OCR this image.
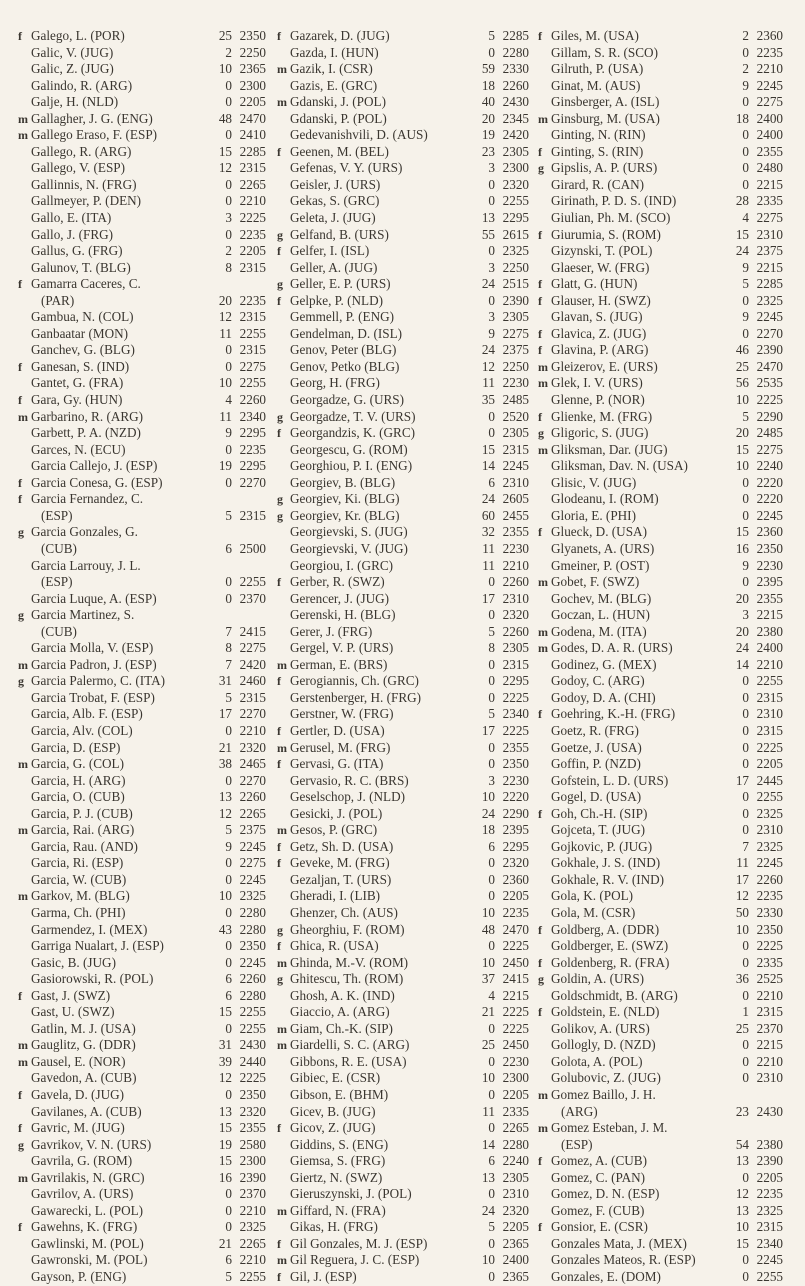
f Galego, L. (POR)	25 2350
Galic, V. (JUG)	2 2250
Galic, Z. (JUG)	10 2365
Galindo, R. (ARG)	0 2300
Galje, H. (NLD)	0 2205
m Gallagher, J. G. (ENG)	48 2470
m Gallego Eraso, F. (ESP)	0 2410
Gallego, R. (ARG)	15 2285
Gallego, V. (ESP)	12 2315
Gallinnis, N. (FRG)	0 2265
Gallmeyer, P. (DEN)	0 2210
Gallo, E. (ITA)	3 2225
Gallo, J. (FRG)	0 2235
Gallus, G. (FRG)	2 2205
Galunov, T. (BLG)	8 2315
f Gamarra Caceres, C.
(PAR)	20 2235
Gambua, N. (COL)	12 2315
Ganbaatar (MON)	11 2255
Ganchev, G. (BLG)	0 2315
f Ganesan, S. (IND)	0 2275
Gantet, G. (FRA)	10 2255
f Gara, Gy. (HUN)	4 2260
m Garbarino, R. (ARG)	11 2340
Garbett, P. A. (NZD)	9 2295
Garces, N. (ECU)	0 2235
Garcia Callejo, J. (ESP)	19 2295
f Garcia Conesa, G. (ESP)	0 2270
f Garcia Fernandez, C.
(ESP)	5 2315
g Garcia Gonzales, G.
(CUB)	6 2500
Garcia Larrouy, J. L.
(ESP)	0 2255
Garcia Luque, A. (ESP)	0 2370
g Garcia Martinez, S.
(CUB)	7 2415
Garcia Molla, V. (ESP)	8 2275
m Garcia Padron, J. (ESP)	7 2420
g Garcia Palermo, C. (ITA)	31 2460
Garcia Trobat, F. (ESP)	5 2315
Garcia, Alb. F. (ESP)	17 2270
Garcia, Alv. (COL)	0 2210
Garcia, D. (ESP)	21 2320
m Garcia, G. (COL)	38 2465
Garcia, H. (ARG)	0 2270
Garcia, O. (CUB)	13 2260
Garcia, P. J. (CUB)	12 2265
m Garcia, Rai. (ARG)	5 2375
Garcia, Rau. (AND)	9 2245
Garcia, Ri. (ESP)	0 2275
Garcia, W. (CUB)	0 2245
m Garkov, M. (BLG)	10 2325
Garma, Ch. (PHI)	0 2280
Garmendez, I. (MEX)	43 2280
Garriga Nualart, J. (ESP)	0 2350
Gasic, B. (JUG)	0 2245
Gasiorowski, R. (POL)	6 2260
f Gast, J. (SWZ)	6 2280
Gast, U. (SWZ)	15 2255
Gatlin, M. J. (USA)	0 2255
m Gauglitz, G. (DDR)	31 2430
m Gausel, E. (NOR)	39 2440
Gavedon, A. (CUB)	12 2225
f Gavela, D. (JUG)	0 2350
Gavilanes, A. (CUB)	13 2320
f Gavric, M. (JUG)	15 2355
g Gavrikov, V. N. (URS)	19 2580
Gavrila, G. (ROM)	15 2300
m Gavrilakis, N. (GRC)	16 2390
Gavrilov, A. (URS)	0 2370
Gawarecki, L. (POL)	0 2210
f Gawehns, K. (FRG)	0 2325
Gawlinski, M. (POL)	21 2265
Gawronski, M. (POL)	6 2210
Gayson, P. (ENG)	5 2255
f Gazarek, D. (JUG)	5 2285
Gazda, I. (HUN)	0 2280
m Gazik, I. (CSR)	59 2330
Gazis, E. (GRC)	18 2260
m Gdanski, J. (POL)	40 2430
Gdanski, P. (POL)	20 2345
Gedevanishvili, D. (AUS)	19 2420
f Geenen, M. (BEL)	23 2305
Gefenas, V. Y. (URS)	3 2300
Geisler, J. (URS)	0 2320
Gekas, S. (GRC)	0 2255
Geleta, J. (JUG)	13 2295
g Gelfand, B. (URS)	55 2615
f Gelfer, I. (ISL)	0 2325
Geller, A. (JUG)	3 2250
g Geller, E. P. (URS)	24 2515
f Gelpke, P. (NLD)	0 2390
Gemmell, P. (ENG)	3 2305
Gendelman, D. (ISL)	9 2275
Genov, Peter (BLG)	24 2375
Genov, Petko (BLG)	12 2250
Georg, H. (FRG)	11 2230
Georgadze, G. (URS)	35 2485
g Georgadze, T. V. (URS)	0 2520
f Georgandzis, K. (GRC)	0 2305
Georgescu, G. (ROM)	15 2315
Georghiou, P. I. (ENG)	14 2245
Georgiev, B. (BLG)	6 2310
g Georgiev, Ki. (BLG)	24 2605
g Georgiev, Kr. (BLG)	60 2455
Georgievski, S. (JUG)	32 2355
Georgievski, V. (JUG)	11 2230
Georgiou, I. (GRC)	11 2210
f Gerber, R. (SWZ)	0 2260
Gerencer, J. (JUG)	17 2310
Gerenski, H. (BLG)	0 2320
Gerer, J. (FRG)	5 2260
Gergel, V. P. (URS)	8 2305
m German, E. (BRS)	0 2315
f Gerogiannis, Ch. (GRC)	0 2295
Gerstenberger, H. (FRG)	0 2225
Gerstner, W. (FRG)	5 2340
f Gertler, D. (USA)	17 2225
m Gerusel, M. (FRG)	0 2355
f Gervasi, G. (ITA)	0 2350
Gervasio, R. C. (BRS)	3 2230
Geselschop, J. (NLD)	10 2220
Gesicki, J. (POL)	24 2290
m Gesos, P. (GRC)	18 2395
f Getz, Sh. D. (USA)	6 2295
f Geveke, M. (FRG)	0 2320
Gezaljan, T. (URS)	0 2360
Gheradi, I. (LIB)	0 2205
Ghenzer, Ch. (AUS)	10 2235
g Gheorghiu, F. (ROM)	48 2470
f Ghica, R. (USA)	0 2225
m Ghinda, M.-V. (ROM)	10 2450
g Ghitescu, Th. (ROM)	37 2415
Ghosh, A. K. (IND)	4 2215
Giaccio, A. (ARG)	21 2225
m Giam, Ch.-K. (SIP)	0 2225
m Giardelli, S. C. (ARG)	25 2450
Gibbons, R. E. (USA)	0 2230
Gibiec, E. (CSR)	10 2300
Gibson, E. (BHM)	0 2205
Gicev, B. (JUG)	11 2335
f Gicov, Z. (JUG)	0 2265
Giddins, S. (ENG)	14 2280
Giemsa, S. (FRG)	6 2240
Giertz, N. (SWZ)	13 2305
Gieruszynski, J. (POL)	0 2310
m Giffard, N. (FRA)	24 2320
Gikas, H. (FRG)	5 2205
f Gil Gonzales, M. J. (ESP)	0 2365
m Gil Reguera, J. C. (ESP)	10 2400
f Gil, J. (ESP)	0 2365
f Giles, M. (USA)	2 2360
Gillam, S. R. (SCO)	0 2235
Gilruth, P. (USA)	2 2210
Ginat, M. (AUS)	9 2245
Ginsberger, A. (ISL)	0 2275
m Ginsburg, M. (USA)	18 2400
Ginting, N. (RIN)	0 2400
f Ginting, S. (RIN)	0 2355
g Gipslis, A. P. (URS)	0 2480
Girard, R. (CAN)	0 2215
Girinath, P. D. S. (IND)	28 2335
Giulian, Ph. M. (SCO)	4 2275
f Giurumia, S. (ROM)	15 2310
Gizynski, T. (POL)	24 2375
Glaeser, W. (FRG)	9 2215
f Glatt, G. (HUN)	5 2285
f Glauser, H. (SWZ)	0 2325
Glavan, S. (JUG)	9 2245
f Glavica, Z. (JUG)	0 2270
f Glavina, P. (ARG)	46 2390
m Gleizerov, E. (URS)	25 2470
m Glek, I. V. (URS)	56 2535
Glenne, P. (NOR)	10 2225
f Glienke, M. (FRG)	5 2290
g Gligoric, S. (JUG)	20 2485
m Gliksman, Dar. (JUG)	15 2275
Gliksman, Dav. N. (USA)	10 2240
Glisic, V. (JUG)	0 2220
Glodeanu, I. (ROM)	0 2220
Gloria, E. (PHI)	0 2245
f Glueck, D. (USA)	15 2360
Glyanets, A. (URS)	16 2350
Gmeiner, P. (OST)	9 2230
m Gobet, F. (SWZ)	0 2395
Gochev, M. (BLG)	20 2355
Goczan, L. (HUN)	3 2215
m Godena, M. (ITA)	20 2380
m Godes, D. A. R. (URS)	24 2400
Godinez, G. (MEX)	14 2210
Godoy, C. (ARG)	0 2255
Godoy, D. A. (CHI)	0 2315
f Goehring, K.-H. (FRG)	0 2310
Goetz, R. (FRG)	0 2315
Goetze, J. (USA)	0 2225
Goffin, P. (NZD)	0 2205
Gofstein, L. D. (URS)	17 2445
Gogel, D. (USA)	0 2255
f Goh, Ch.-H. (SIP)	0 2325
Gojceta, T. (JUG)	0 2310
Gojkovic, P. (JUG)	7 2325
Gokhale, J. S. (IND)	11 2245
Gokhale, R. V. (IND)	17 2260
Gola, K. (POL)	12 2235
Gola, M. (CSR)	50 2330
f Goldberg, A. (DDR)	10 2350
Goldberger, E. (SWZ)	0 2225
f Goldenberg, R. (FRA)	0 2335
g Goldin, A. (URS)	36 2525
Goldschmidt, B. (ARG)	0 2210
f Goldstein, E. (NLD)	1 2315
Golikov, A. (URS)	25 2370
Gollogly, D. (NZD)	0 2215
Golota, A. (POL)	0 2210
Golubovic, Z. (JUG)	0 2310
m Gomez Baillo, J. H.
(ARG)	23 2430
m Gomez Esteban, J. M.
(ESP)	54 2380
f Gomez, A. (CUB)	13 2390
Gomez, C. (PAN)	0 2205
Gomez, D. N. (ESP)	12 2235
Gomez, F. (CUB)	13 2325
f Gonsior, E. (CSR)	10 2315
Gonzales Mata, J. (MEX)	15 2340
Gonzales Mateos, R. (ESP)	0 2245
Gonzales, E. (DOM)	0 2255
